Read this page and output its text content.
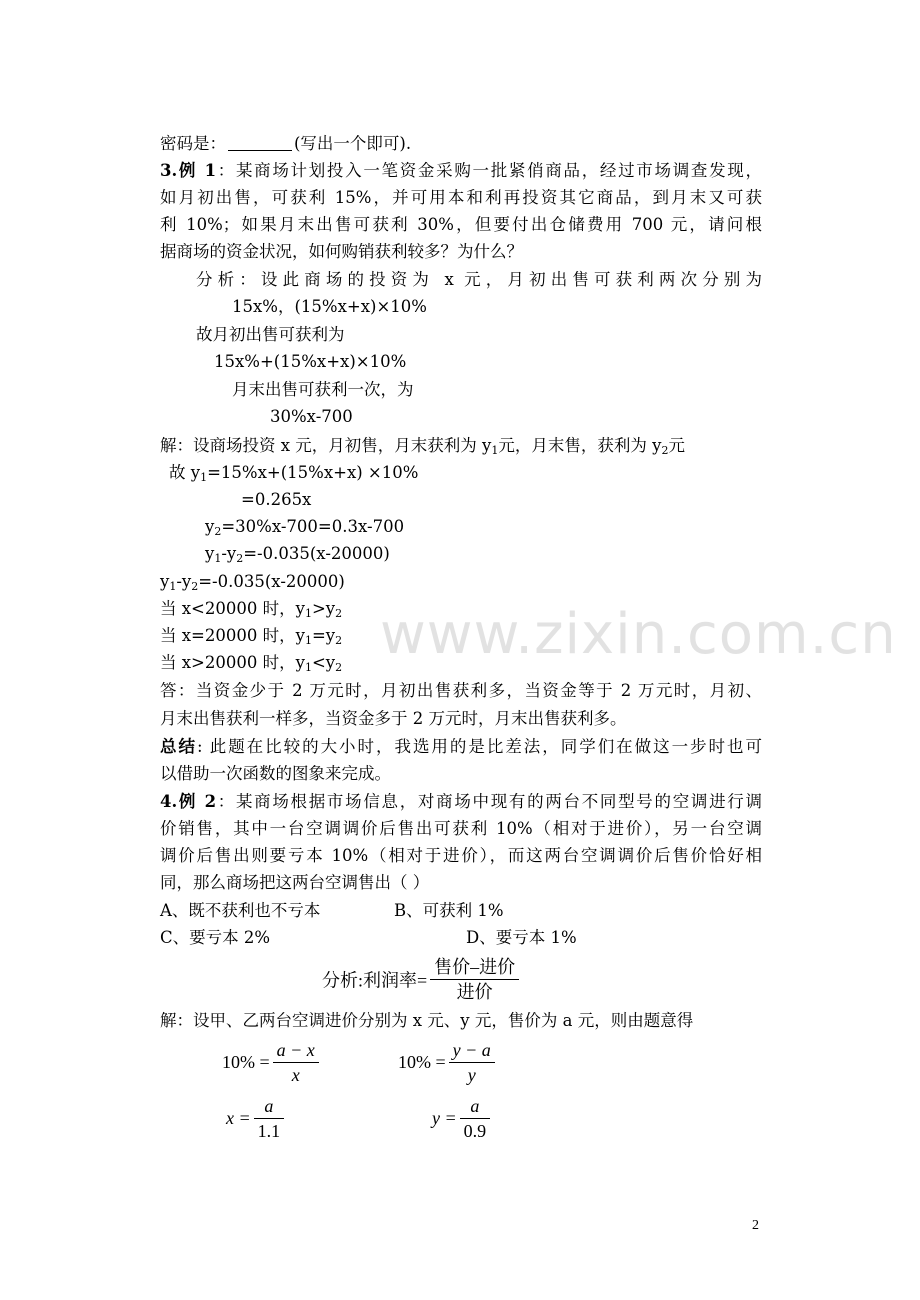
密码是：	(写出一个即可).
3.例 1：某商场计划投入一笔资金采购一批紧俏商品，经过市场调查发现，
如月初出售，可获利 15%，并可用本和利再投资其它商品，到月末又可获
利 10%；如果月末出售可获利 30%，但要付出仓储费用 700 元，请问根
据商场的资金状况，如何购销获利较多？为什么？
分析：设此商场的投资为 x 元，月初出售可获利两次分别为
15x%，(15%x+x)×10%
故月初出售可获利为
15x%+(15%x+x)×10%
月末出售可获利一次，为
30%x-700
解：设商场投资 x 元，月初售，月末获利为 $y_1$元，月末售，获利为 $y_2$元
故 $y_1=15\%x+(15\%x+x) \times 10\%$
=0.265x
$y_2=30\%x-700=0.3x-700$
$y_1-y_2=-0.035(x-20000)$
$y_1-y_2=-0.035(x-20000)$
当 x<20000 时，$y_1>y_2$
当 x=20000 时，$y_1=y_2$
当 x>20000 时，$y_1<y_2$
答：当资金少于 2 万元时，月初出售获利多，当资金等于 2 万元时，月初、
月末出售获利一样多，当资金多于 2 万元时，月末出售获利多。
总结: 此题在比较的大小时，我选用的是比差法，同学们在做这一步时也可
以借助一次函数的图象来完成。
4.例 2：某商场根据市场信息，对商场中现有的两台不同型号的空调进行调
价销售，其中一台空调调价后售出可获利 10%（相对于进价），另一台空调
调价后售出则要亏本 10%（相对于进价），而这两台空调调价后售价恰好相
同，那么商场把这两台空调售出（ ）
A、既不获利也不亏本	B、可获利 1%
C、要亏本 2%	D、要亏本 1%
分析:利润率= $\frac{\text{售价–进价}}{\text{进价}}$
解：设甲、乙两台空调进价分别为 x 元、y 元，售价为 a 元，则由题意得
$10\% = \frac{a - x}{x}$	$10\% = \frac{y - a}{y}$
$x = \frac{a}{1.1}$	$y = \frac{a}{0.9}$
www.zixin.com.cn
2
